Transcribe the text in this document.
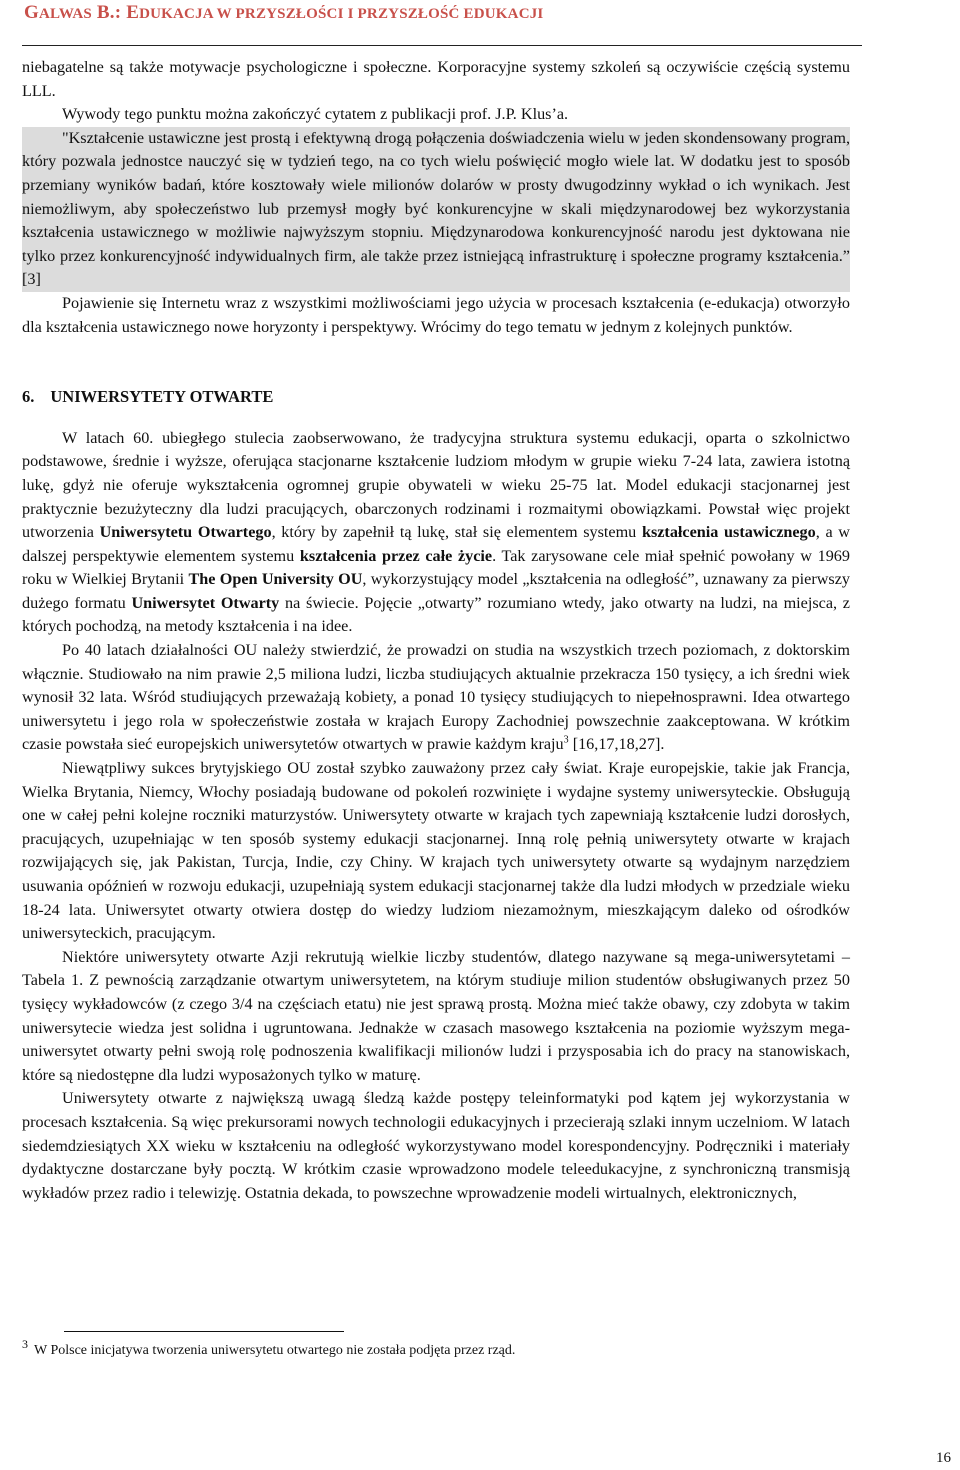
GALWAS B.: EDUKACJA W PRZYSZŁOŚCI I PRZYSZŁOŚĆ EDUKACJI

niebagatelne są także motywacje psychologiczne i społeczne. Korporacyjne systemy szkoleń są oczywiście częścią systemu LLL.

Wywody tego punktu można zakończyć cytatem z publikacji prof. J.P. Klus’a.

"Kształcenie ustawiczne jest prostą i efektywną drogą połączenia doświadczenia wielu w jeden skondensowany program, który pozwala jednostce nauczyć się w tydzień tego, na co tych wielu poświęcić mogło wiele lat. W dodatku jest to sposób przemiany wyników badań, które kosztowały wiele milionów dolarów w prosty dwugodzinny wykład o ich wynikach. Jest niemożliwym, aby społeczeństwo lub przemysł mogły być konkurencyjne w skali międzynarodowej bez wykorzystania kształcenia ustawicznego w możliwie najwyższym stopniu. Międzynarodowa konkurencyjność narodu jest dyktowana nie tylko przez konkurencyjność indywidualnych firm, ale także przez istniejącą infrastrukturę i społeczne programy kształcenia.” [3]

Pojawienie się Internetu wraz z wszystkimi możliwościami jego użycia w procesach kształcenia (e-edukacja) otworzyło dla kształcenia ustawicznego nowe horyzonty i perspektywy. Wrócimy do tego tematu w jednym z kolejnych punktów.

6. UNIWERSYTETY OTWARTE

W latach 60. ubiegłego stulecia zaobserwowano, że tradycyjna struktura systemu edukacji, oparta o szkolnictwo podstawowe, średnie i wyższe, oferująca stacjonarne kształcenie ludziom młodym w grupie wieku 7-24 lata, zawiera istotną lukę, gdyż nie oferuje wykształcenia ogromnej grupie obywateli w wieku 25-75 lat. Model edukacji stacjonarnej jest praktycznie bezużyteczny dla ludzi pracujących, obarczonych rodzinami i rozmaitymi obowiązkami. Powstał więc projekt utworzenia Uniwersytetu Otwartego, który by zapełnił tą lukę, stał się elementem systemu kształcenia ustawicznego, a w dalszej perspektywie elementem systemu kształcenia przez całe życie. Tak zarysowane cele miał spełnić powołany w 1969 roku w Wielkiej Brytanii The Open University OU, wykorzystujący model „kształcenia na odległość”, uznawany za pierwszy dużego formatu Uniwersytet Otwarty na świecie. Pojęcie „otwarty” rozumiano wtedy, jako otwarty na ludzi, na miejsca, z których pochodzą, na metody kształcenia i na idee.

Po 40 latach działalności OU należy stwierdzić, że prowadzi on studia na wszystkich trzech poziomach, z doktorskim włącznie. Studiowało na nim prawie 2,5 miliona ludzi, liczba studiujących aktualnie przekracza 150 tysięcy, a ich średni wiek wynosił 32 lata. Wśród studiujących przeważają kobiety, a ponad 10 tysięcy studiujących to niepełnosprawni. Idea otwartego uniwersytetu i jego rola w społeczeństwie została w krajach Europy Zachodniej powszechnie zaakceptowana. W krótkim czasie powstała sieć europejskich uniwersytetów otwartych w prawie każdym kraju$^3$ [16,17,18,27].

Niewątpliwy sukces brytyjskiego OU został szybko zauważony przez cały świat. Kraje europejskie, takie jak Francja, Wielka Brytania, Niemcy, Włochy posiadają budowane od pokoleń rozwinięte i wydajne systemy uniwersyteckie. Obsługują one w całej pełni kolejne roczniki maturzystów. Uniwersytety otwarte w krajach tych zapewniają kształcenie ludzi dorosłych, pracujących, uzupełniając w ten sposób systemy edukacji stacjonarnej. Inną rolę pełnią uniwersytety otwarte w krajach rozwijających się, jak Pakistan, Turcja, Indie, czy Chiny. W krajach tych uniwersytety otwarte są wydajnym narzędziem usuwania opóźnień w rozwoju edukacji, uzupełniają system edukacji stacjonarnej także dla ludzi młodych w przedziale wieku 18-24 lata. Uniwersytet otwarty otwiera dostęp do wiedzy ludziom niezamożnym, mieszkającym daleko od ośrodków uniwersyteckich, pracującym.

Niektóre uniwersytety otwarte Azji rekrutują wielkie liczby studentów, dlatego nazywane są mega-uniwersytetami – Tabela 1. Z pewnością zarządzanie otwartym uniwersytetem, na którym studiuje milion studentów obsługiwanych przez 50 tysięcy wykładowców (z czego 3/4 na częściach etatu) nie jest sprawą prostą. Można mieć także obawy, czy zdobyta w takim uniwersytecie wiedza jest solidna i ugruntowana. Jednakże w czasach masowego kształcenia na poziomie wyższym mega-uniwersytet otwarty pełni swoją rolę podnoszenia kwalifikacji milionów ludzi i przysposabia ich do pracy na stanowiskach, które są niedostępne dla ludzi wyposażonych tylko w maturę.

Uniwersytety otwarte z największą uwagą śledzą każde postępy teleinformatyki pod kątem jej wykorzystania w procesach kształcenia. Są więc prekursorami nowych technologii edukacyjnych i przecierają szlaki innym uczelniom. W latach siedemdziesiątych XX wieku w kształceniu na odległość wykorzystywano model korespondencyjny. Podręczniki i materiały dydaktyczne dostarczane były pocztą. W krótkim czasie wprowadzono modele teleedukacyjne, z synchroniczną transmisją wykładów przez radio i telewizję. Ostatnia dekada, to powszechne wprowadzenie modeli wirtualnych, elektronicznych,

$^3$ W Polsce inicjatywa tworzenia uniwersytetu otwartego nie została podjęta przez rząd.
16
